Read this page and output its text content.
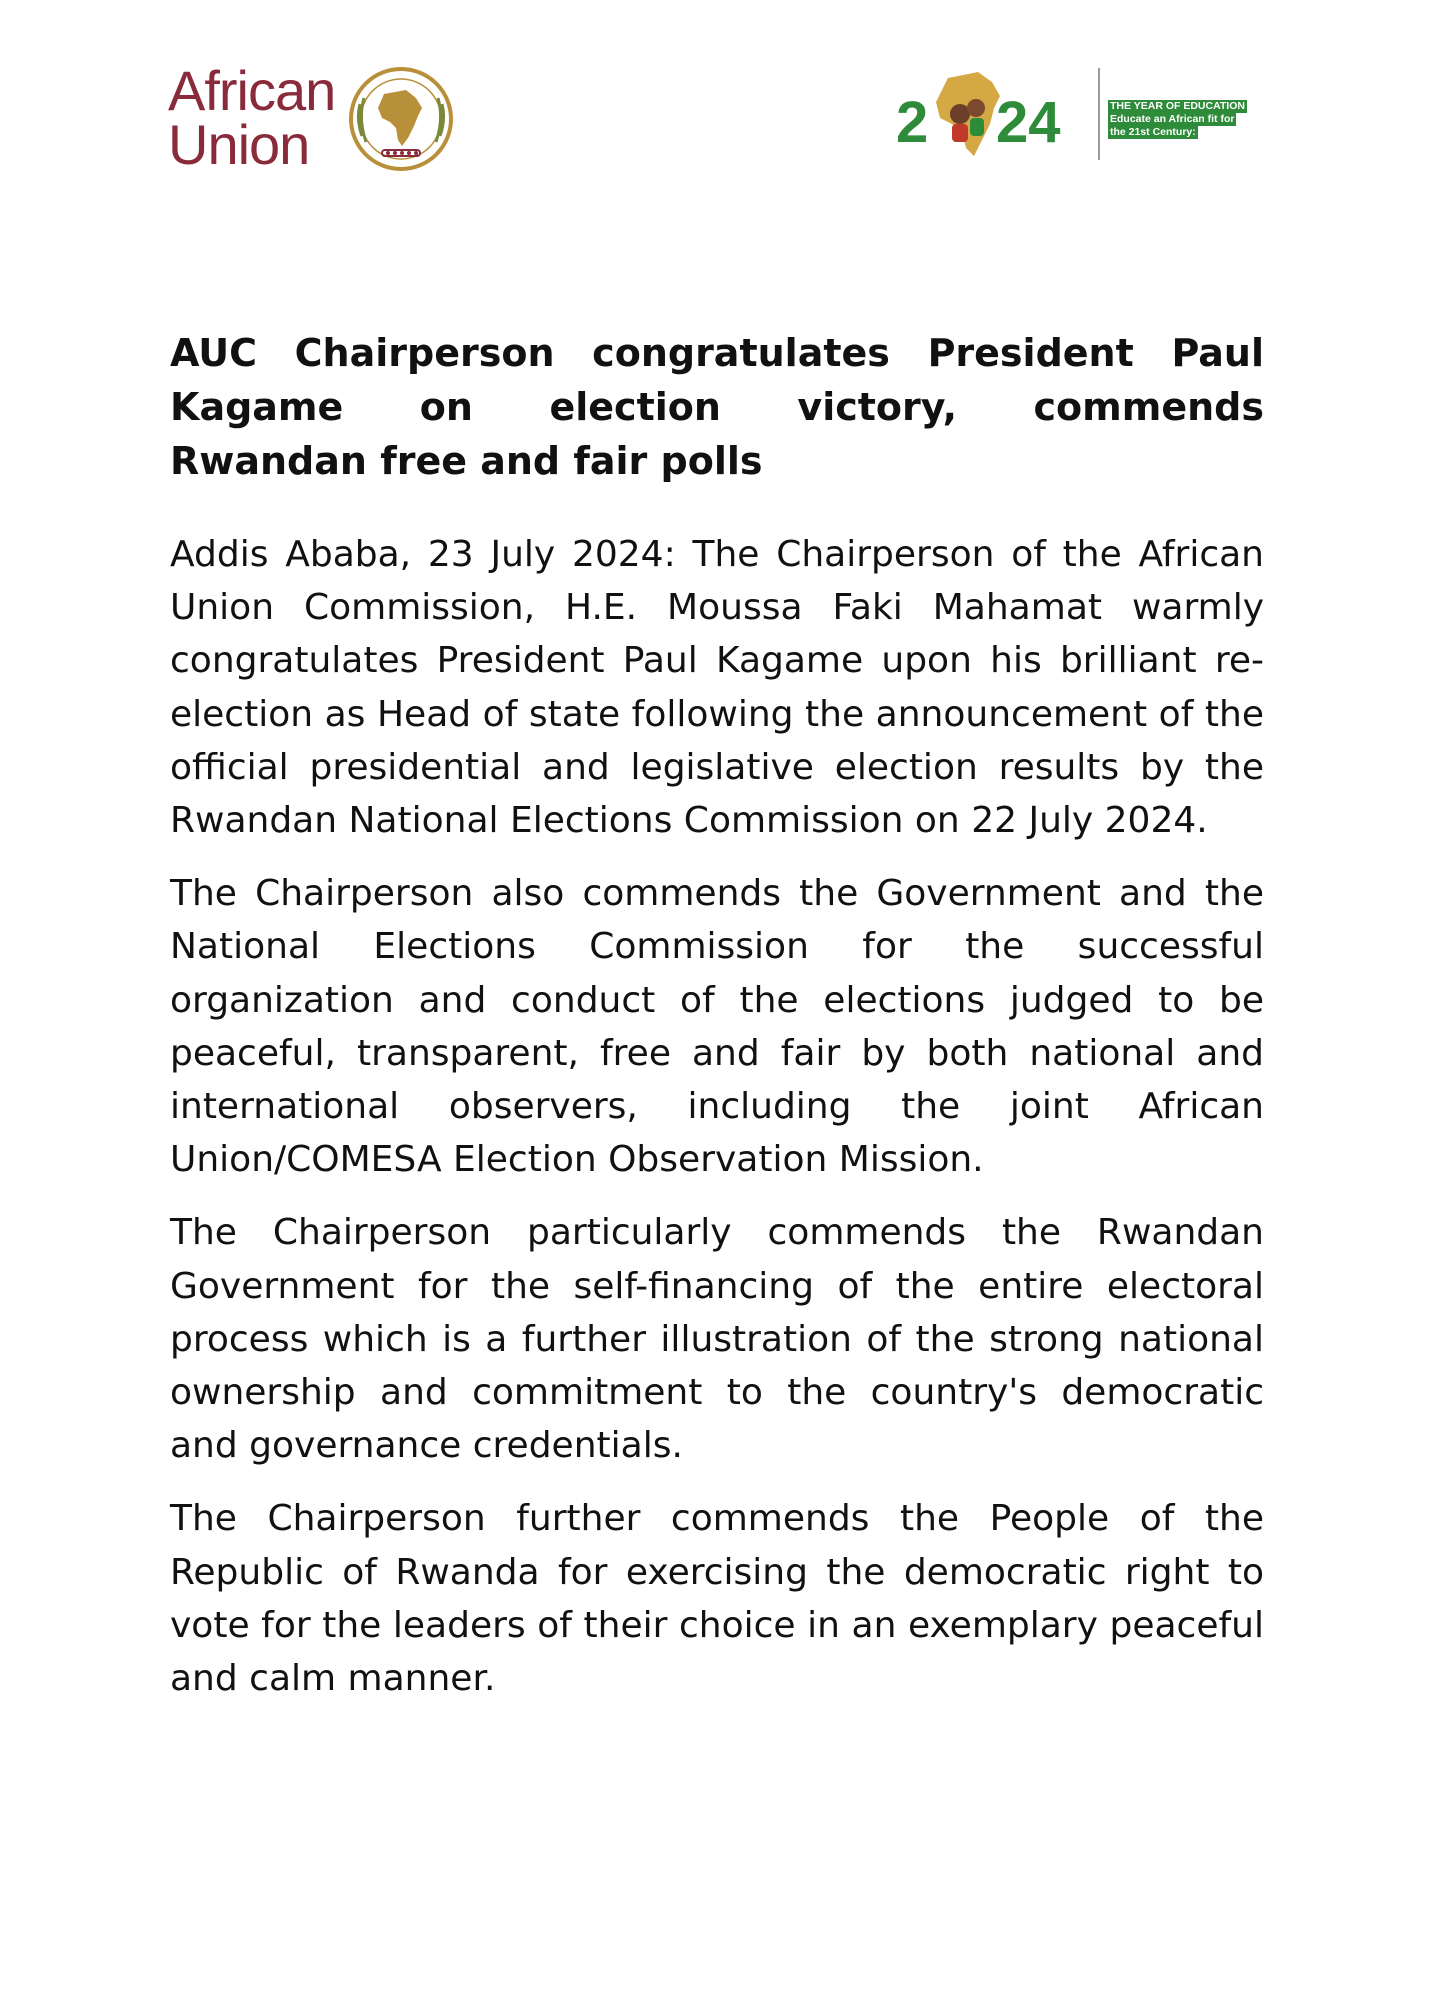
African
Union	2 24	THE YEAR OF EDUCATION
Educate an African fit for
the 21st Century:
AUC Chairperson congratulates President Paul
Kagame on election victory, commends
Rwandan free and fair polls

Addis Ababa, 23 July 2024: The Chairperson of the African Union Commission, H.E. Moussa Faki Mahamat warmly congratulates President Paul Kagame upon his brilliant re-election as Head of state following the announcement of the official presidential and legislative election results by the Rwandan National Elections Commission on 22 July 2024.

The Chairperson also commends the Government and the National Elections Commission for the successful organization and conduct of the elections judged to be peaceful, transparent, free and fair by both national and international observers, including the joint African Union/COMESA Election Observation Mission.

The Chairperson particularly commends the Rwandan Government for the self-financing of the entire electoral process which is a further illustration of the strong national ownership and commitment to the country's democratic and governance credentials.

The Chairperson further commends the People of the Republic of Rwanda for exercising the democratic right to vote for the leaders of their choice in an exemplary peaceful and calm manner.
